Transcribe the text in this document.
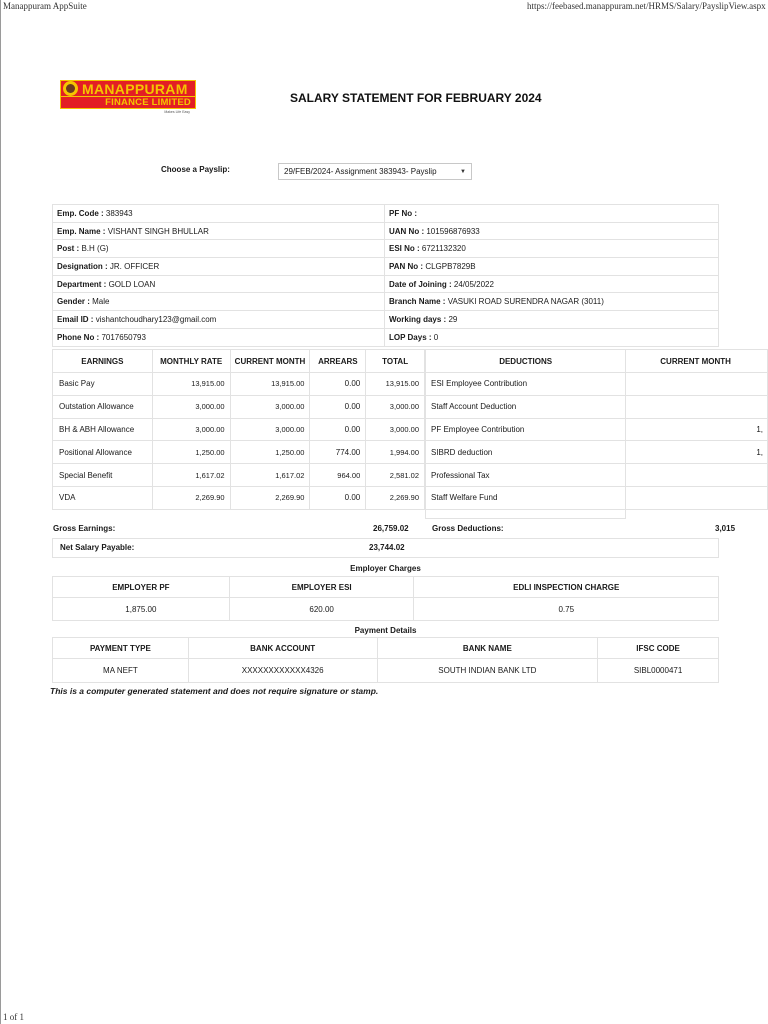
Manappuram AppSuite	https://feebased.manappuram.net/HRMS/Salary/PayslipView.aspx
1 of 1
MANAPPURAM
FINANCE LIMITED
Makes Life Easy
SALARY STATEMENT FOR FEBRUARY 2024
Choose a Payslip:	29/FEB/2024- Assignment 383943- Payslip	▼
Emp. Code : 383943	PF No :
Emp. Name : VISHANT SINGH BHULLAR	UAN No : 101596876933
Post : B.H (G)	ESI No : 6721132320
Designation : JR. OFFICER	PAN No : CLGPB7829B
Department : GOLD LOAN	Date of Joining : 24/05/2022
Gender : Male	Branch Name : VASUKI ROAD SURENDRA NAGAR (3011)
Email ID : vishantchoudhary123@gmail.com	Working days : 29
Phone No : 7017650793	LOP Days : 0
EARNINGS	MONTHLY RATE	CURRENT MONTH	ARREARS	TOTAL
Basic Pay	13,915.00	13,915.00	0.00	13,915.00
Outstation Allowance	3,000.00	3,000.00	0.00	3,000.00
BH & ABH Allowance	3,000.00	3,000.00	0.00	3,000.00
Positional Allowance	1,250.00	1,250.00	774.00	1,994.00
Special Benefit	1,617.02	1,617.02	964.00	2,581.02
VDA	2,269.90	2,269.90	0.00	2,269.90
DEDUCTIONS	CURRENT MONTH
ESI Employee Contribution	
Staff Account Deduction	
PF Employee Contribution	1,
SIBRD deduction	1,
Professional Tax	
Staff Welfare Fund	

Gross Earnings:	26,759.02	Gross Deductions:	3,015
Net Salary Payable:	23,744.02
Employer Charges
EMPLOYER PF	EMPLOYER ESI	EDLI INSPECTION CHARGE
1,875.00	620.00	0.75
Payment Details
PAYMENT TYPE	BANK ACCOUNT	BANK NAME	IFSC CODE
MA NEFT	XXXXXXXXXXXX4326	SOUTH INDIAN BANK LTD	SIBL0000471
This is a computer generated statement and does not require signature or stamp.
